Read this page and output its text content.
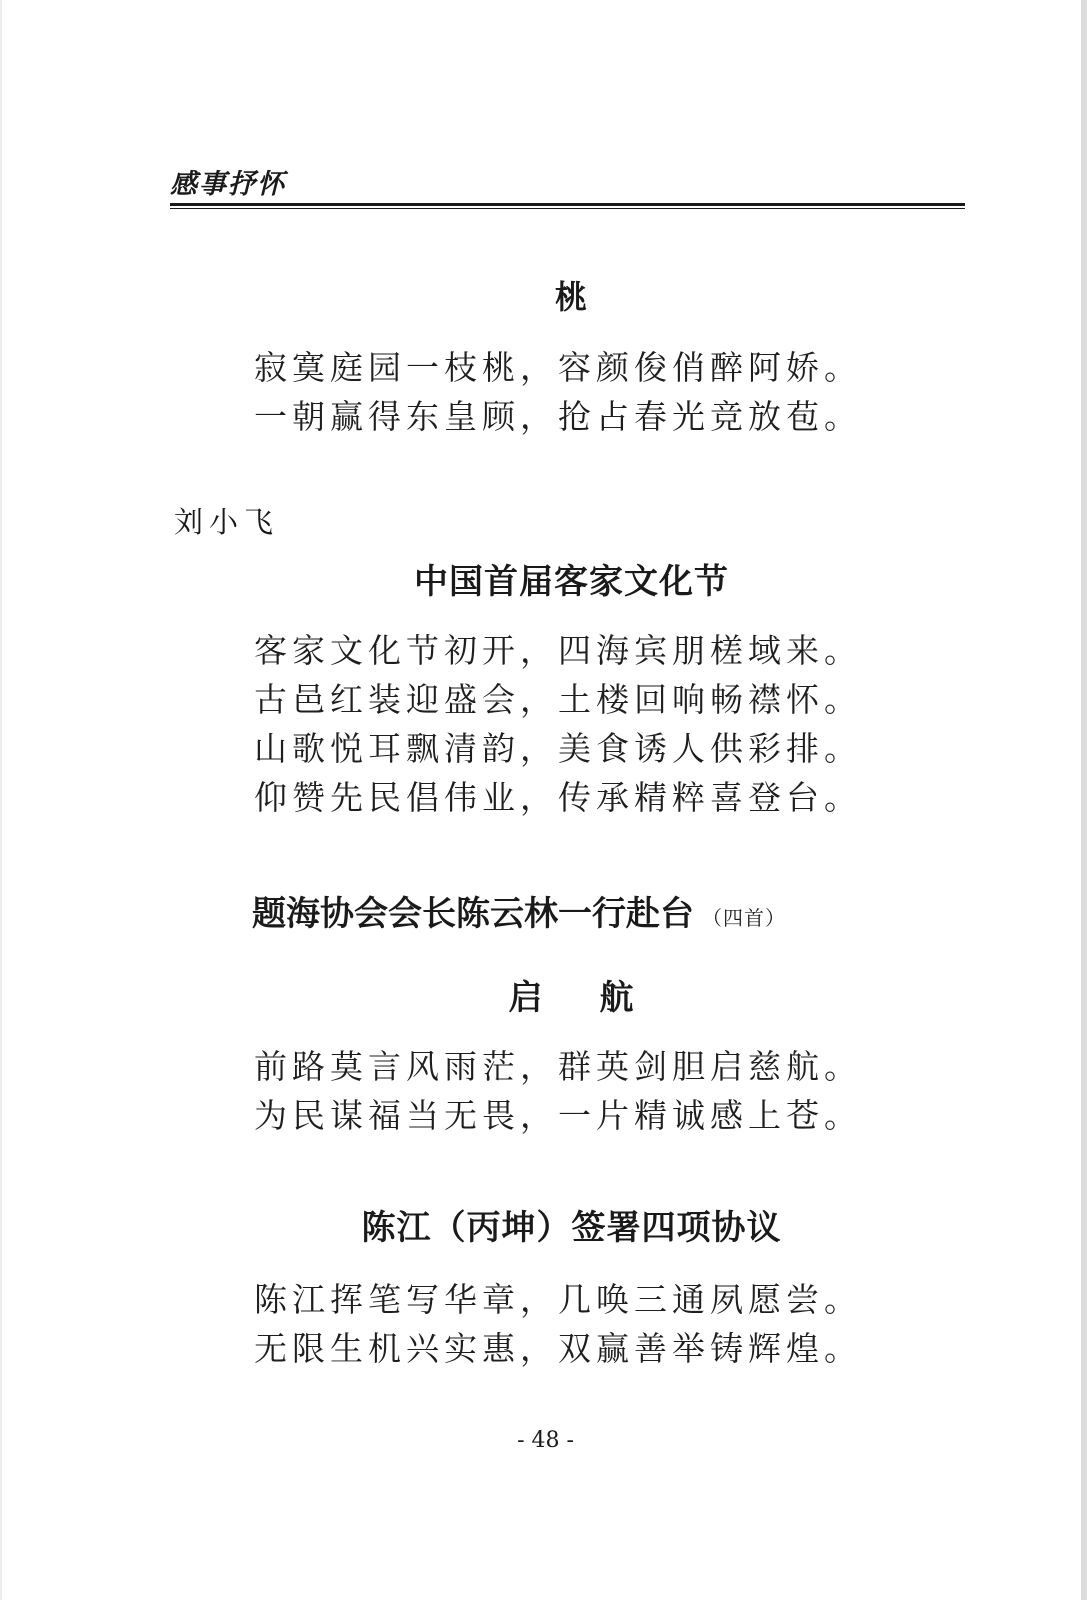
感事抒怀
桃
寂寞庭园一枝桃，容颜俊俏醉阿娇。
一朝赢得东皇顾，抢占春光竞放苞。
刘小飞
中国首届客家文化节
客家文化节初开，四海宾朋槎域来。
古邑红装迎盛会，土楼回响畅襟怀。
山歌悦耳飘清韵，美食诱人供彩排。
仰赞先民倡伟业，传承精粹喜登台。
题海协会会长陈云林一行赴台 （四首）
启 航
前路莫言风雨茫，群英剑胆启慈航。
为民谋福当无畏，一片精诚感上苍。
陈江（丙坤）签署四项协议
陈江挥笔写华章，几唤三通夙愿尝。
无限生机兴实惠，双赢善举铸辉煌。
- 48 -
